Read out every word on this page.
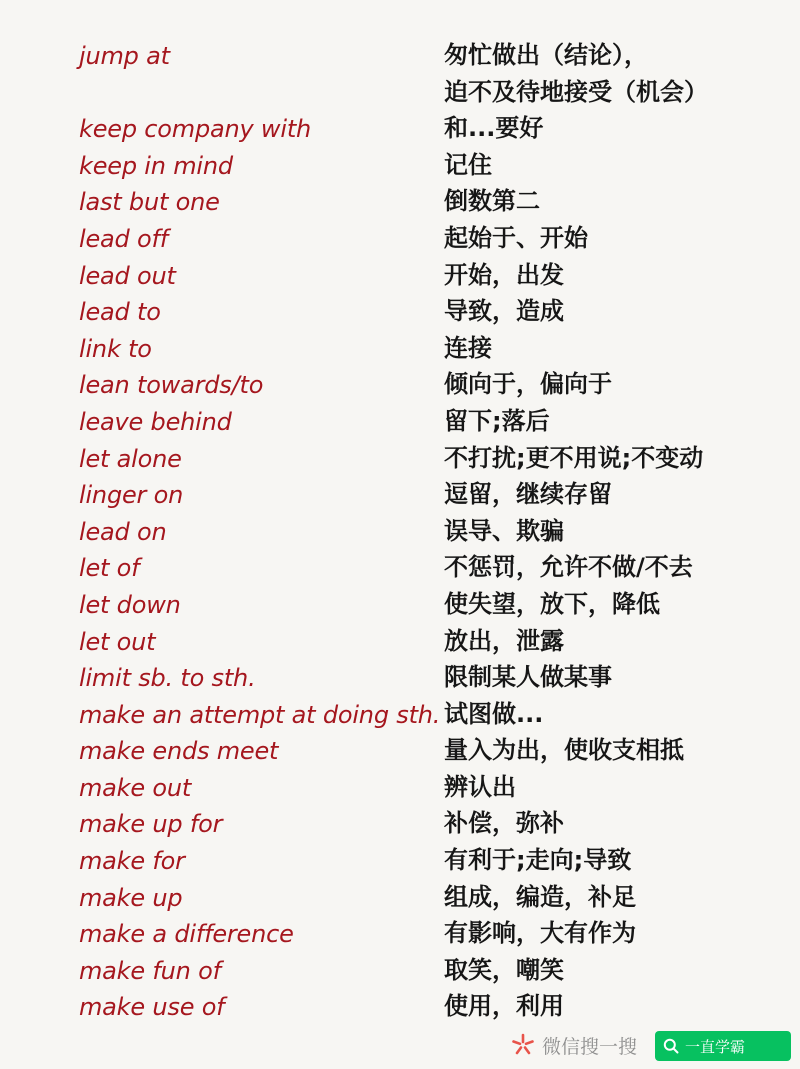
jump at	匆忙做出（结论），
迫不及待地接受（机会）
keep company with	和...要好
keep in mind	记住
last but one	倒数第二
lead off	起始于、开始
lead out	开始，出发
lead to	导致，造成
link to	连接
lean towards/to	倾向于，偏向于
leave behind	留下;落后
let alone	不打扰;更不用说;不变动
linger on	逗留，继续存留
lead on	误导、欺骗
let of	不惩罚，允许不做/不去
let down	使失望，放下，降低
let out	放出，泄露
limit sb. to sth.	限制某人做某事
make an attempt at doing sth. 试图做...
make ends meet	量入为出，使收支相抵
make out	辨认出
make up for	补偿，弥补
make for	有利于;走向;导致
make up	组成，编造，补足
make a difference	有影响，大有作为
make fun of	取笑，嘲笑
make use of	使用，利用
微信搜一搜	一直学霸
